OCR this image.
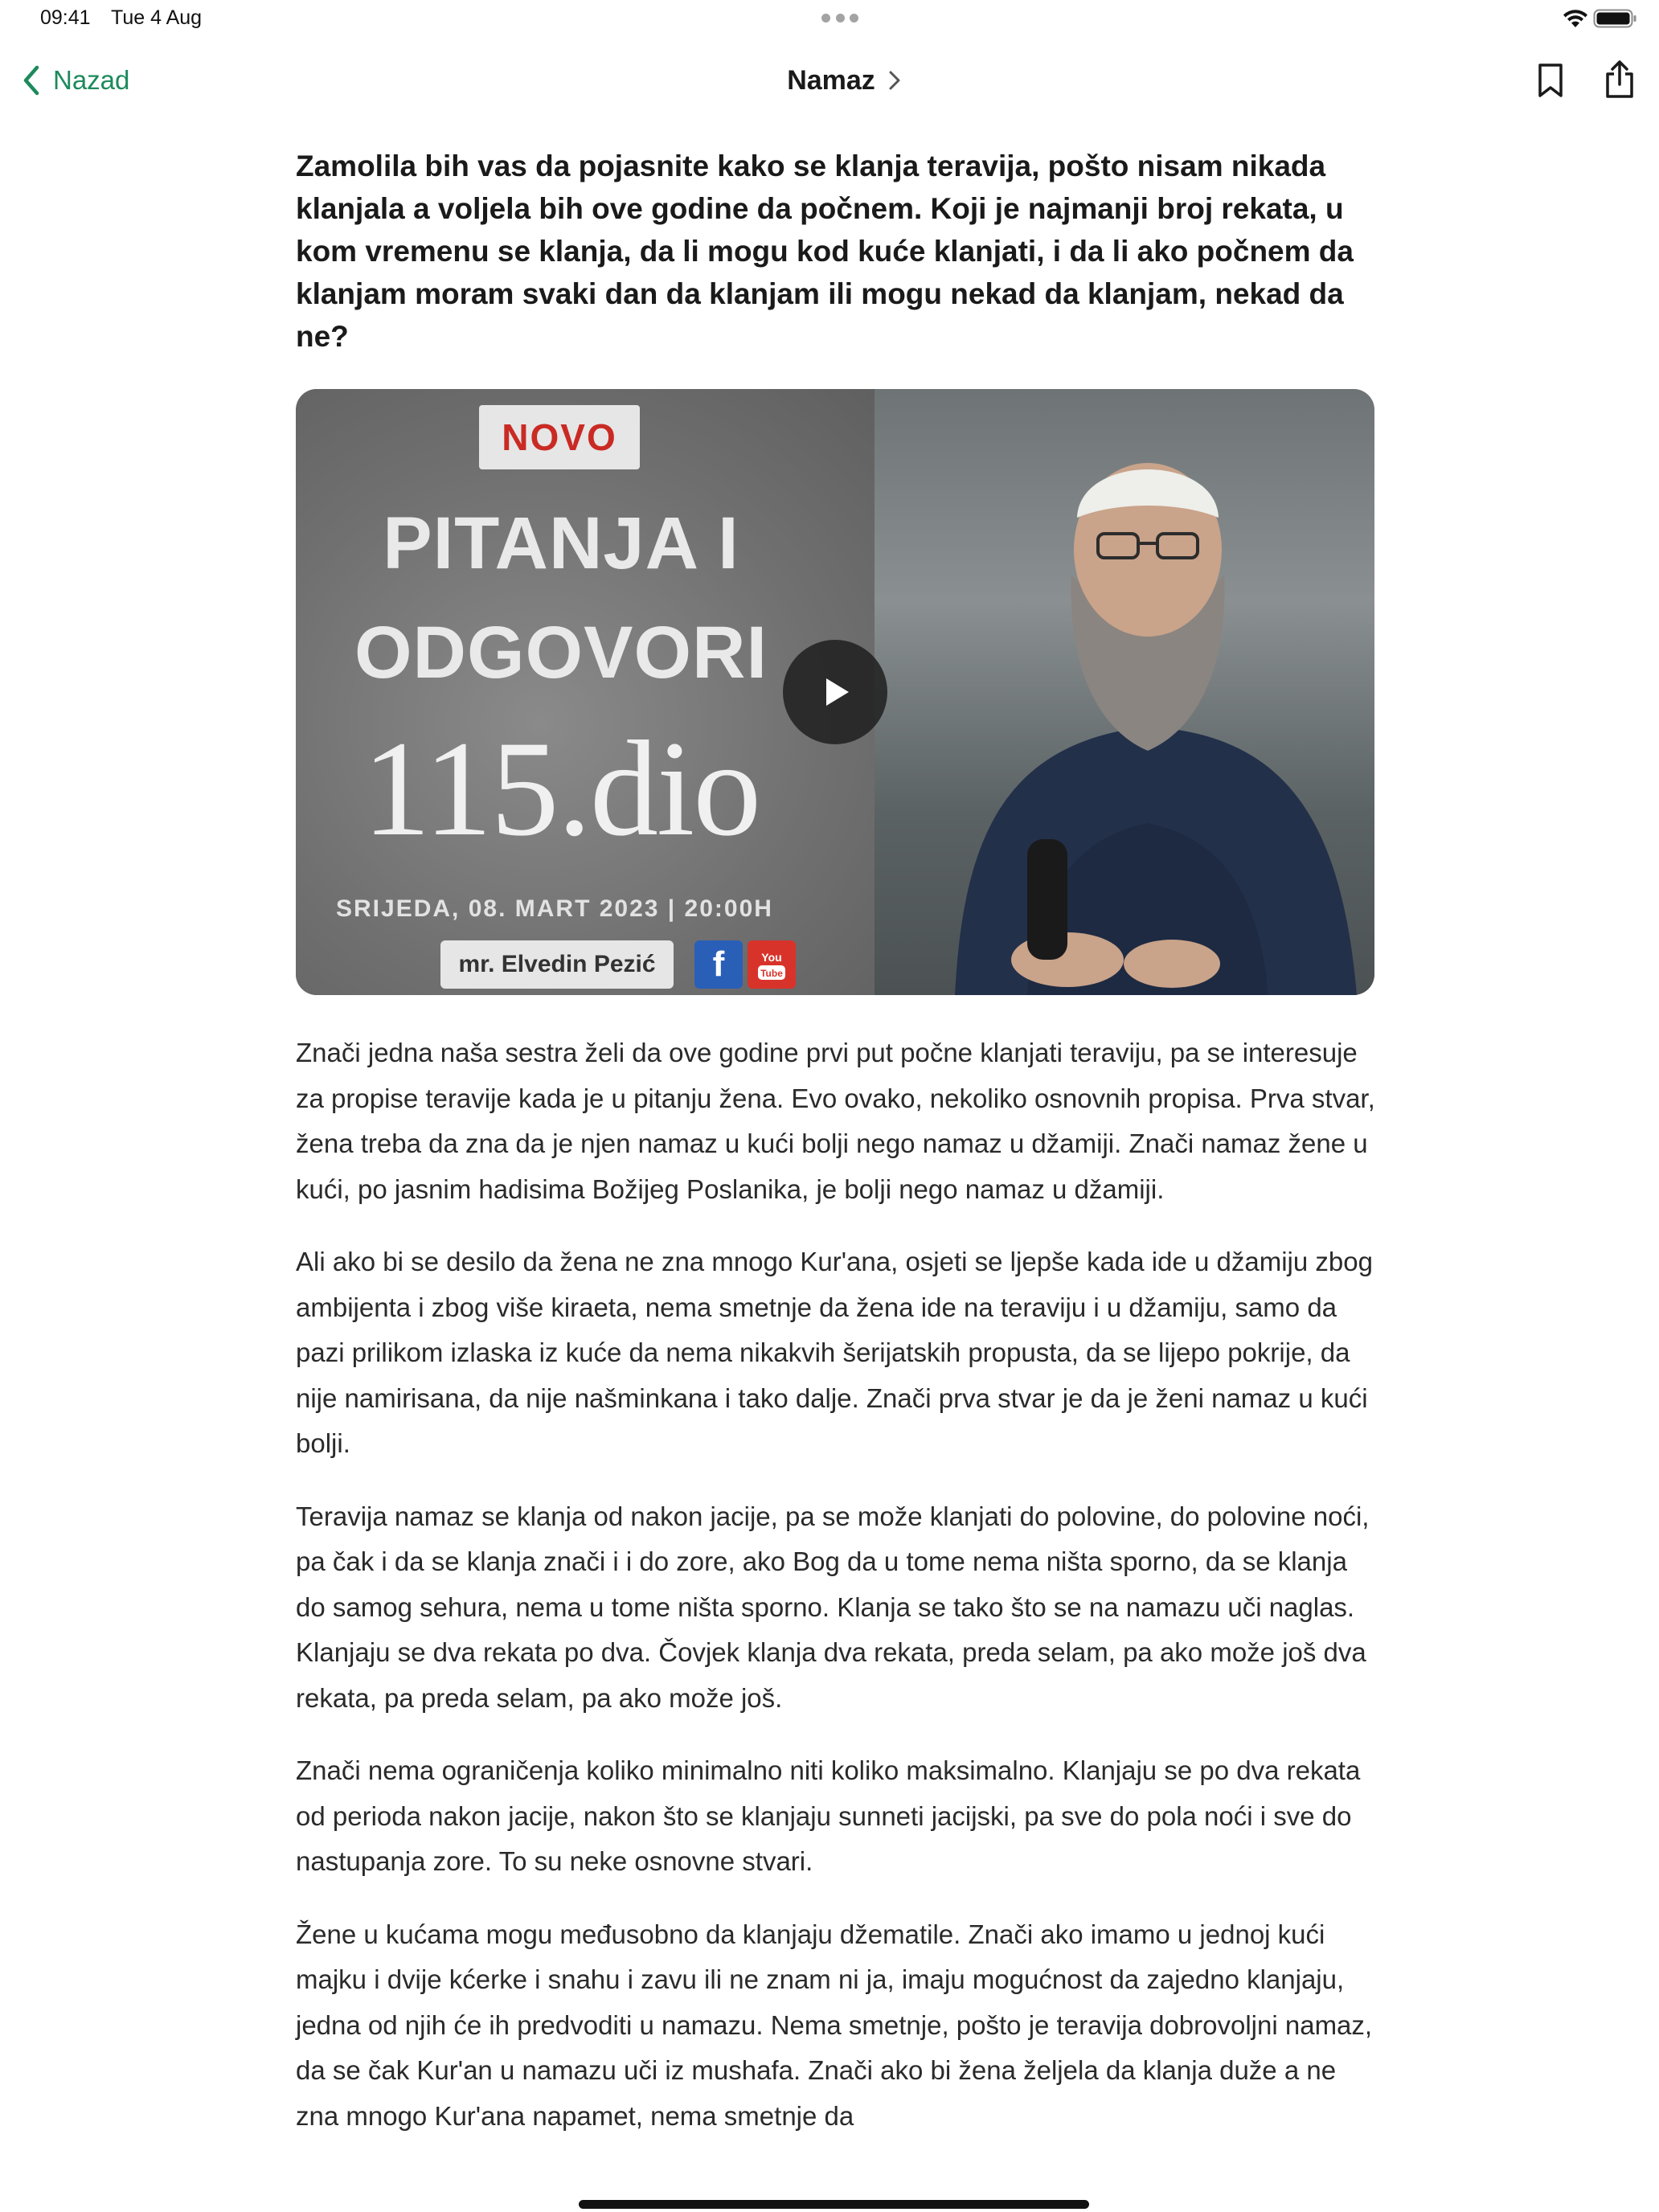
09:41 Tue 4 Aug
Nazad	Namaz
Zamolila bih vas da pojasnite kako se klanja teravija, pošto nisam nikada klanjala a voljela bih ove godine da počnem. Koji je najmanji broj rekata, u kom vremenu se klanja, da li mogu kod kuće klanjati, i da li ako počnem da klanjam moram svaki dan da klanjam ili mogu nekad da klanjam, nekad da ne?
NOVO
PITANJA I
ODGOVORI
115.dio
SRIJEDA, 08. MART 2023 | 20:00H
mr. Elvedin Pezić	f	You
Tube

Znači jedna naša sestra želi da ove godine prvi put počne klanjati teraviju, pa se interesuje za propise teravije kada je u pitanju žena. Evo ovako, nekoliko osnovnih propisa. Prva stvar, žena treba da zna da je njen namaz u kući bolji nego namaz u džamiji. Znači namaz žene u kući, po jasnim hadisima Božijeg Poslanika, je bolji nego namaz u džamiji.

Ali ako bi se desilo da žena ne zna mnogo Kur'ana, osjeti se ljepše kada ide u džamiju zbog ambijenta i zbog više kiraeta, nema smetnje da žena ide na teraviju i u džamiju, samo da pazi prilikom izlaska iz kuće da nema nikakvih šerijatskih propusta, da se lijepo pokrije, da nije namirisana, da nije našminkana i tako dalje. Znači prva stvar je da je ženi namaz u kući bolji.

Teravija namaz se klanja od nakon jacije, pa se može klanjati do polovine, do polovine noći, pa čak i da se klanja znači i i do zore, ako Bog da u tome nema ništa sporno, da se klanja do samog sehura, nema u tome ništa sporno. Klanja se tako što se na namazu uči naglas. Klanjaju se dva rekata po dva. Čovjek klanja dva rekata, preda selam, pa ako može još dva rekata, pa preda selam, pa ako može još.

Znači nema ograničenja koliko minimalno niti koliko maksimalno. Klanjaju se po dva rekata od perioda nakon jacije, nakon što se klanjaju sunneti jacijski, pa sve do pola noći i sve do nastupanja zore. To su neke osnovne stvari.

Žene u kućama mogu međusobno da klanjaju džematile. Znači ako imamo u jednoj kući majku i dvije kćerke i snahu i zavu ili ne znam ni ja, imaju mogućnost da zajedno klanjaju, jedna od njih će ih predvoditi u namazu. Nema smetnje, pošto je teravija dobrovoljni namaz, da se čak Kur'an u namazu uči iz mushafa. Znači ako bi žena željela da klanja duže a ne zna mnogo Kur'ana napamet, nema smetnje da
